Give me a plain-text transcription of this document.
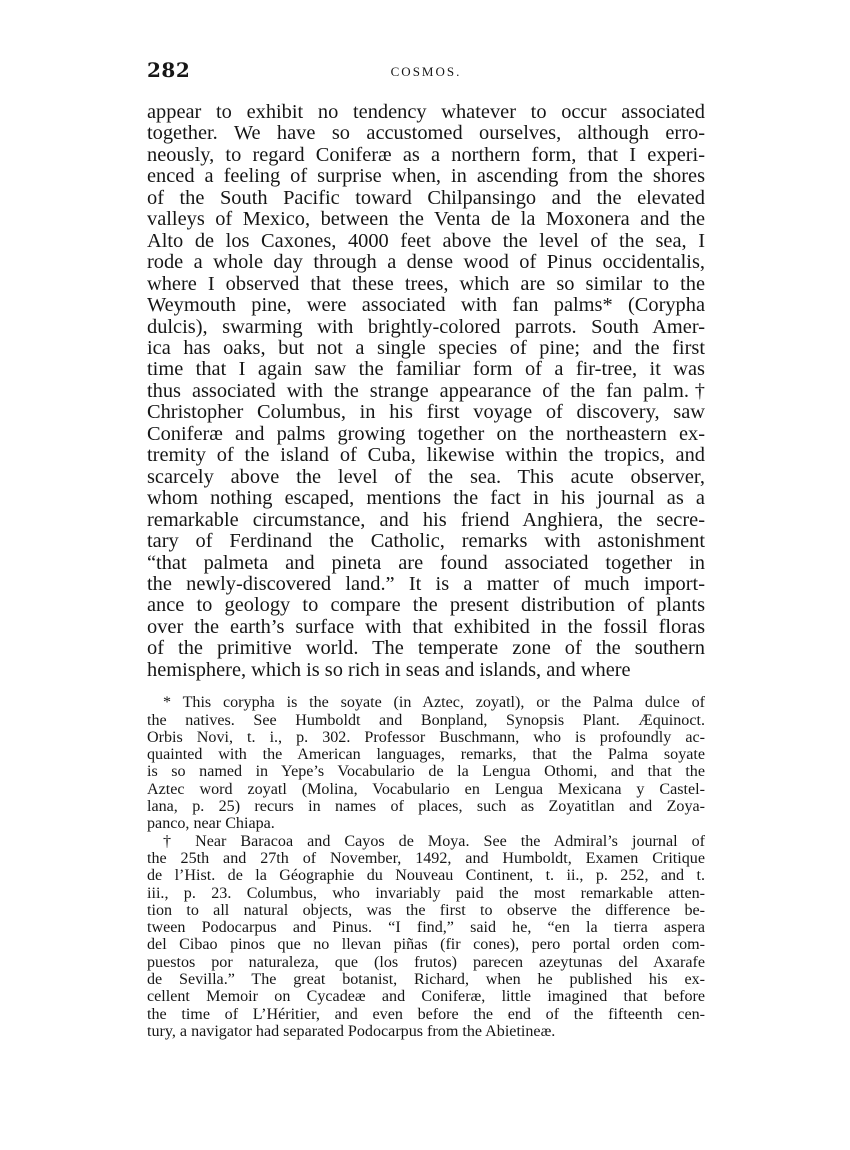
282	COSMOS.
appear to exhibit no tendency whatever to occur associated
together. We have so accustomed ourselves, although erro-
neously, to regard Coniferæ as a northern form, that I experi-
enced a feeling of surprise when, in ascending from the shores
of the South Pacific toward Chilpansingo and the elevated
valleys of Mexico, between the Venta de la Moxonera and the
Alto de los Caxones, 4000 feet above the level of the sea, I
rode a whole day through a dense wood of Pinus occidentalis,
where I observed that these trees, which are so similar to the
Weymouth pine, were associated with fan palms* (Corypha
dulcis), swarming with brightly-colored parrots. South Amer-
ica has oaks, but not a single species of pine; and the first
time that I again saw the familiar form of a fir-tree, it was
thus associated with the strange appearance of the fan palm.†
Christopher Columbus, in his first voyage of discovery, saw
Coniferæ and palms growing together on the northeastern ex-
tremity of the island of Cuba, likewise within the tropics, and
scarcely above the level of the sea. This acute observer,
whom nothing escaped, mentions the fact in his journal as a
remarkable circumstance, and his friend Anghiera, the secre-
tary of Ferdinand the Catholic, remarks with astonishment
“that palmeta and pineta are found associated together in
the newly-discovered land.” It is a matter of much import-
ance to geology to compare the present distribution of plants
over the earth’s surface with that exhibited in the fossil floras
of the primitive world. The temperate zone of the southern
hemisphere, which is so rich in seas and islands, and where
* This corypha is the soyate (in Aztec, zoyatl), or the Palma dulce of
the natives. See Humboldt and Bonpland, Synopsis Plant. Æquinoct.
Orbis Novi, t. i., p. 302. Professor Buschmann, who is profoundly ac-
quainted with the American languages, remarks, that the Palma soyate
is so named in Yepe’s Vocabulario de la Lengua Othomi, and that the
Aztec word zoyatl (Molina, Vocabulario en Lengua Mexicana y Castel-
lana, p. 25) recurs in names of places, such as Zoyatitlan and Zoya-
panco, near Chiapa.
† Near Baracoa and Cayos de Moya. See the Admiral’s journal of
the 25th and 27th of November, 1492, and Humboldt, Examen Critique
de l’Hist. de la Géographie du Nouveau Continent, t. ii., p. 252, and t.
iii., p. 23. Columbus, who invariably paid the most remarkable atten-
tion to all natural objects, was the first to observe the difference be-
tween Podocarpus and Pinus. “I find,” said he, “en la tierra aspera
del Cibao pinos que no llevan piñas (fir cones), pero portal orden com-
puestos por naturaleza, que (los frutos) parecen azeytunas del Axarafe
de Sevilla.” The great botanist, Richard, when he published his ex-
cellent Memoir on Cycadeæ and Coniferæ, little imagined that before
the time of L’Héritier, and even before the end of the fifteenth cen-
tury, a navigator had separated Podocarpus from the Abietineæ.
